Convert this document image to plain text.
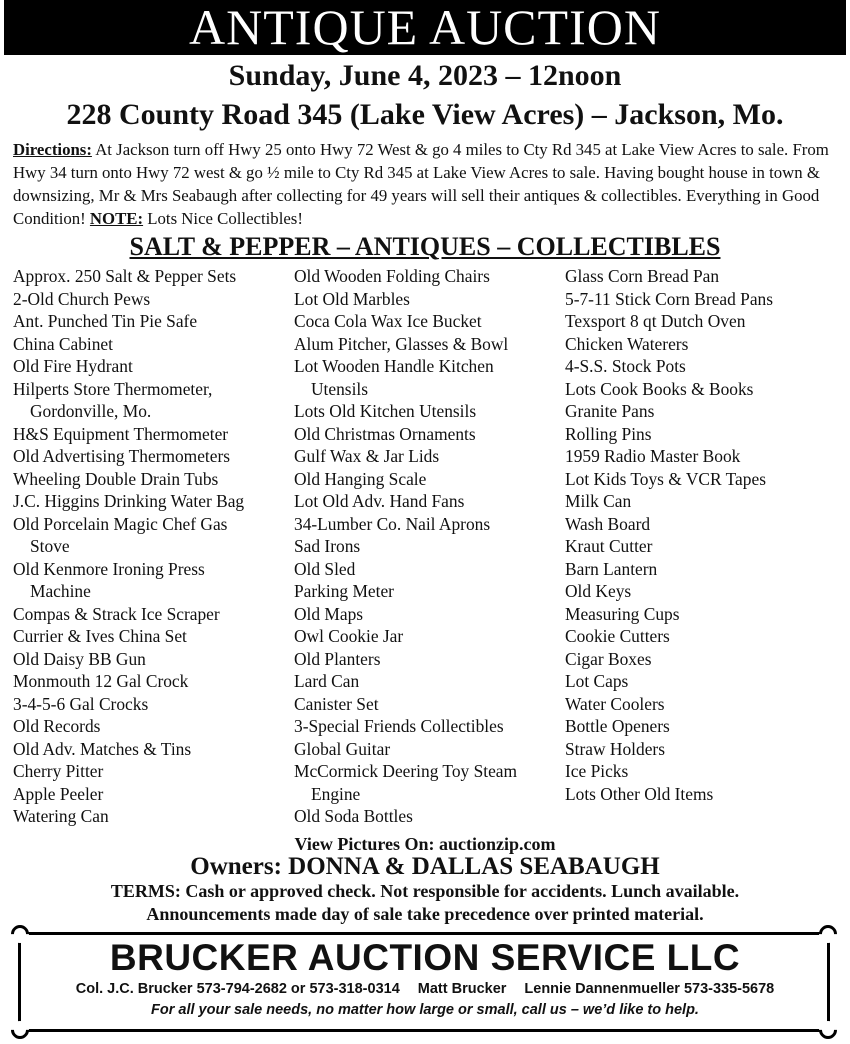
ANTIQUE AUCTION
Sunday, June 4, 2023 – 12noon
228 County Road 345 (Lake View Acres) – Jackson, Mo.
Directions: At Jackson turn off Hwy 25 onto Hwy 72 West & go 4 miles to Cty Rd 345 at Lake View Acres to sale. From Hwy 34 turn onto Hwy 72 west & go ½ mile to Cty Rd 345 at Lake View Acres to sale. Having bought house in town & downsizing, Mr & Mrs Seabaugh after collecting for 49 years will sell their antiques & collectibles. Everything in Good Condition! NOTE: Lots Nice Collectibles!
SALT & PEPPER – ANTIQUES – COLLECTIBLES
Approx. 250 Salt & Pepper Sets
2-Old Church Pews
Ant. Punched Tin Pie Safe
China Cabinet
Old Fire Hydrant
Hilperts Store Thermometer,
Gordonville, Mo.
H&S Equipment Thermometer
Old Advertising Thermometers
Wheeling Double Drain Tubs
J.C. Higgins Drinking Water Bag
Old Porcelain Magic Chef Gas
Stove
Old Kenmore Ironing Press
Machine
Compas & Strack Ice Scraper
Currier & Ives China Set
Old Daisy BB Gun
Monmouth 12 Gal Crock
3-4-5-6 Gal Crocks
Old Records
Old Adv. Matches & Tins
Cherry Pitter
Apple Peeler
Watering Can
Old Wooden Folding Chairs
Lot Old Marbles
Coca Cola Wax Ice Bucket
Alum Pitcher, Glasses & Bowl
Lot Wooden Handle Kitchen
Utensils
Lots Old Kitchen Utensils
Old Christmas Ornaments
Gulf Wax & Jar Lids
Old Hanging Scale
Lot Old Adv. Hand Fans
34-Lumber Co. Nail Aprons
Sad Irons
Old Sled
Parking Meter
Old Maps
Owl Cookie Jar
Old Planters
Lard Can
Canister Set
3-Special Friends Collectibles
Global Guitar
McCormick Deering Toy Steam
Engine
Old Soda Bottles
Glass Corn Bread Pan
5-7-11 Stick Corn Bread Pans
Texsport 8 qt Dutch Oven
Chicken Waterers
4-S.S. Stock Pots
Lots Cook Books & Books
Granite Pans
Rolling Pins
1959 Radio Master Book
Lot Kids Toys & VCR Tapes
Milk Can
Wash Board
Kraut Cutter
Barn Lantern
Old Keys
Measuring Cups
Cookie Cutters
Cigar Boxes
Lot Caps
Water Coolers
Bottle Openers
Straw Holders
Ice Picks
Lots Other Old Items
View Pictures On: auctionzip.com
Owners: DONNA & DALLAS SEABAUGH
TERMS: Cash or approved check. Not responsible for accidents. Lunch available.
Announcements made day of sale take precedence over printed material.
BRUCKER AUCTION SERVICE LLC
Col. J.C. Brucker 573-794-2682 or 573-318-0314 Matt Brucker Lennie Dannenmueller 573-335-5678
For all your sale needs, no matter how large or small, call us – we’d like to help.
